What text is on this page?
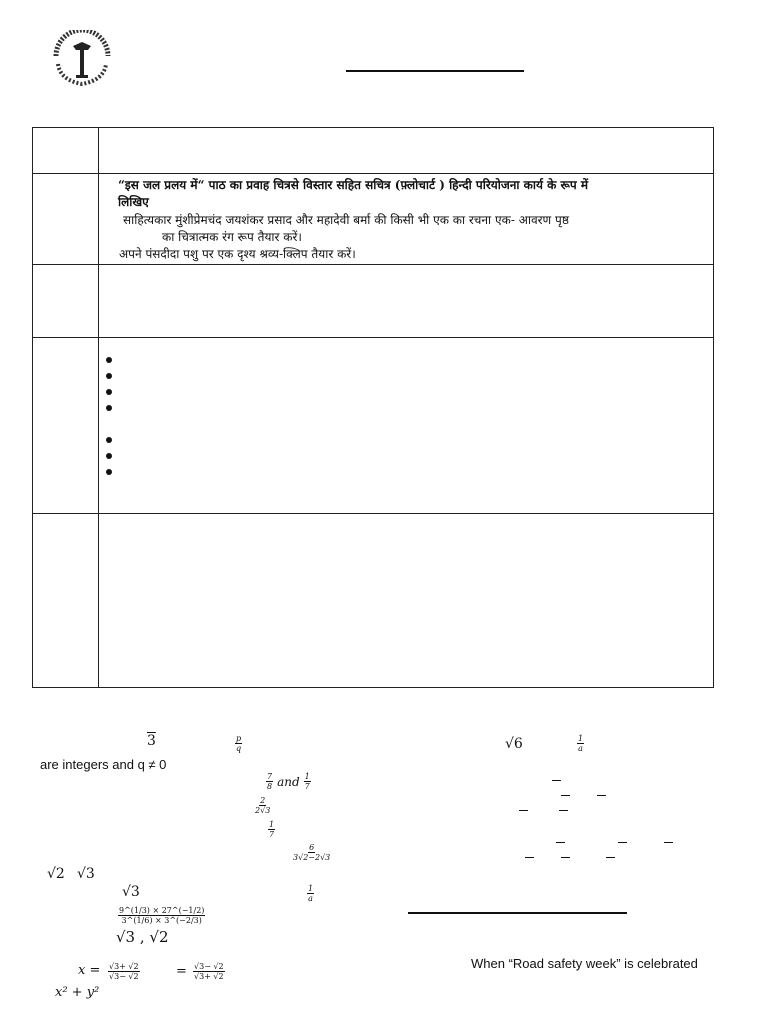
“इस जल प्रलय में“ पाठ का प्रवाह चित्रसे विस्तार सहित सचित्र (फ़्लोचार्ट ) हिन्दी परियोजना कार्य के रूप में
लिखिए
साहित्यकार मुंशीप्रेमचंद जयशंकर प्रसाद और महादेवी बर्मा की किसी भी एक का रचना एक- आवरण पृष्ठ
का चित्रात्मक रंग रूप तैयार करें।
अपने पंसदीदा पशु पर एक दृश्य श्रव्य-क्लिप तैयार करें।
3	$\frac{p}{q}$
are integers and q ≠ 0
√6	$\frac{1}{a}$
$\frac{7}{8}$ and $\frac{1}{7}$
$\frac{2}{2√3}$
$\frac{1}{7}$
$\frac{6}{3√2-2√3}$
√2 √3
√3
$\frac{9\^{}(1/3) \times 27\^{}(-1/2)}{3\^{}(1/6) \times 3\^{}(-2/3)}$
√3 , √2
$x = \frac{√3+ √2}{√3- √2}$	= $\frac{√3- √2}{√3+ √2}$
x² + y²
$\frac{1}{a}$
When “Road safety week” is celebrated
